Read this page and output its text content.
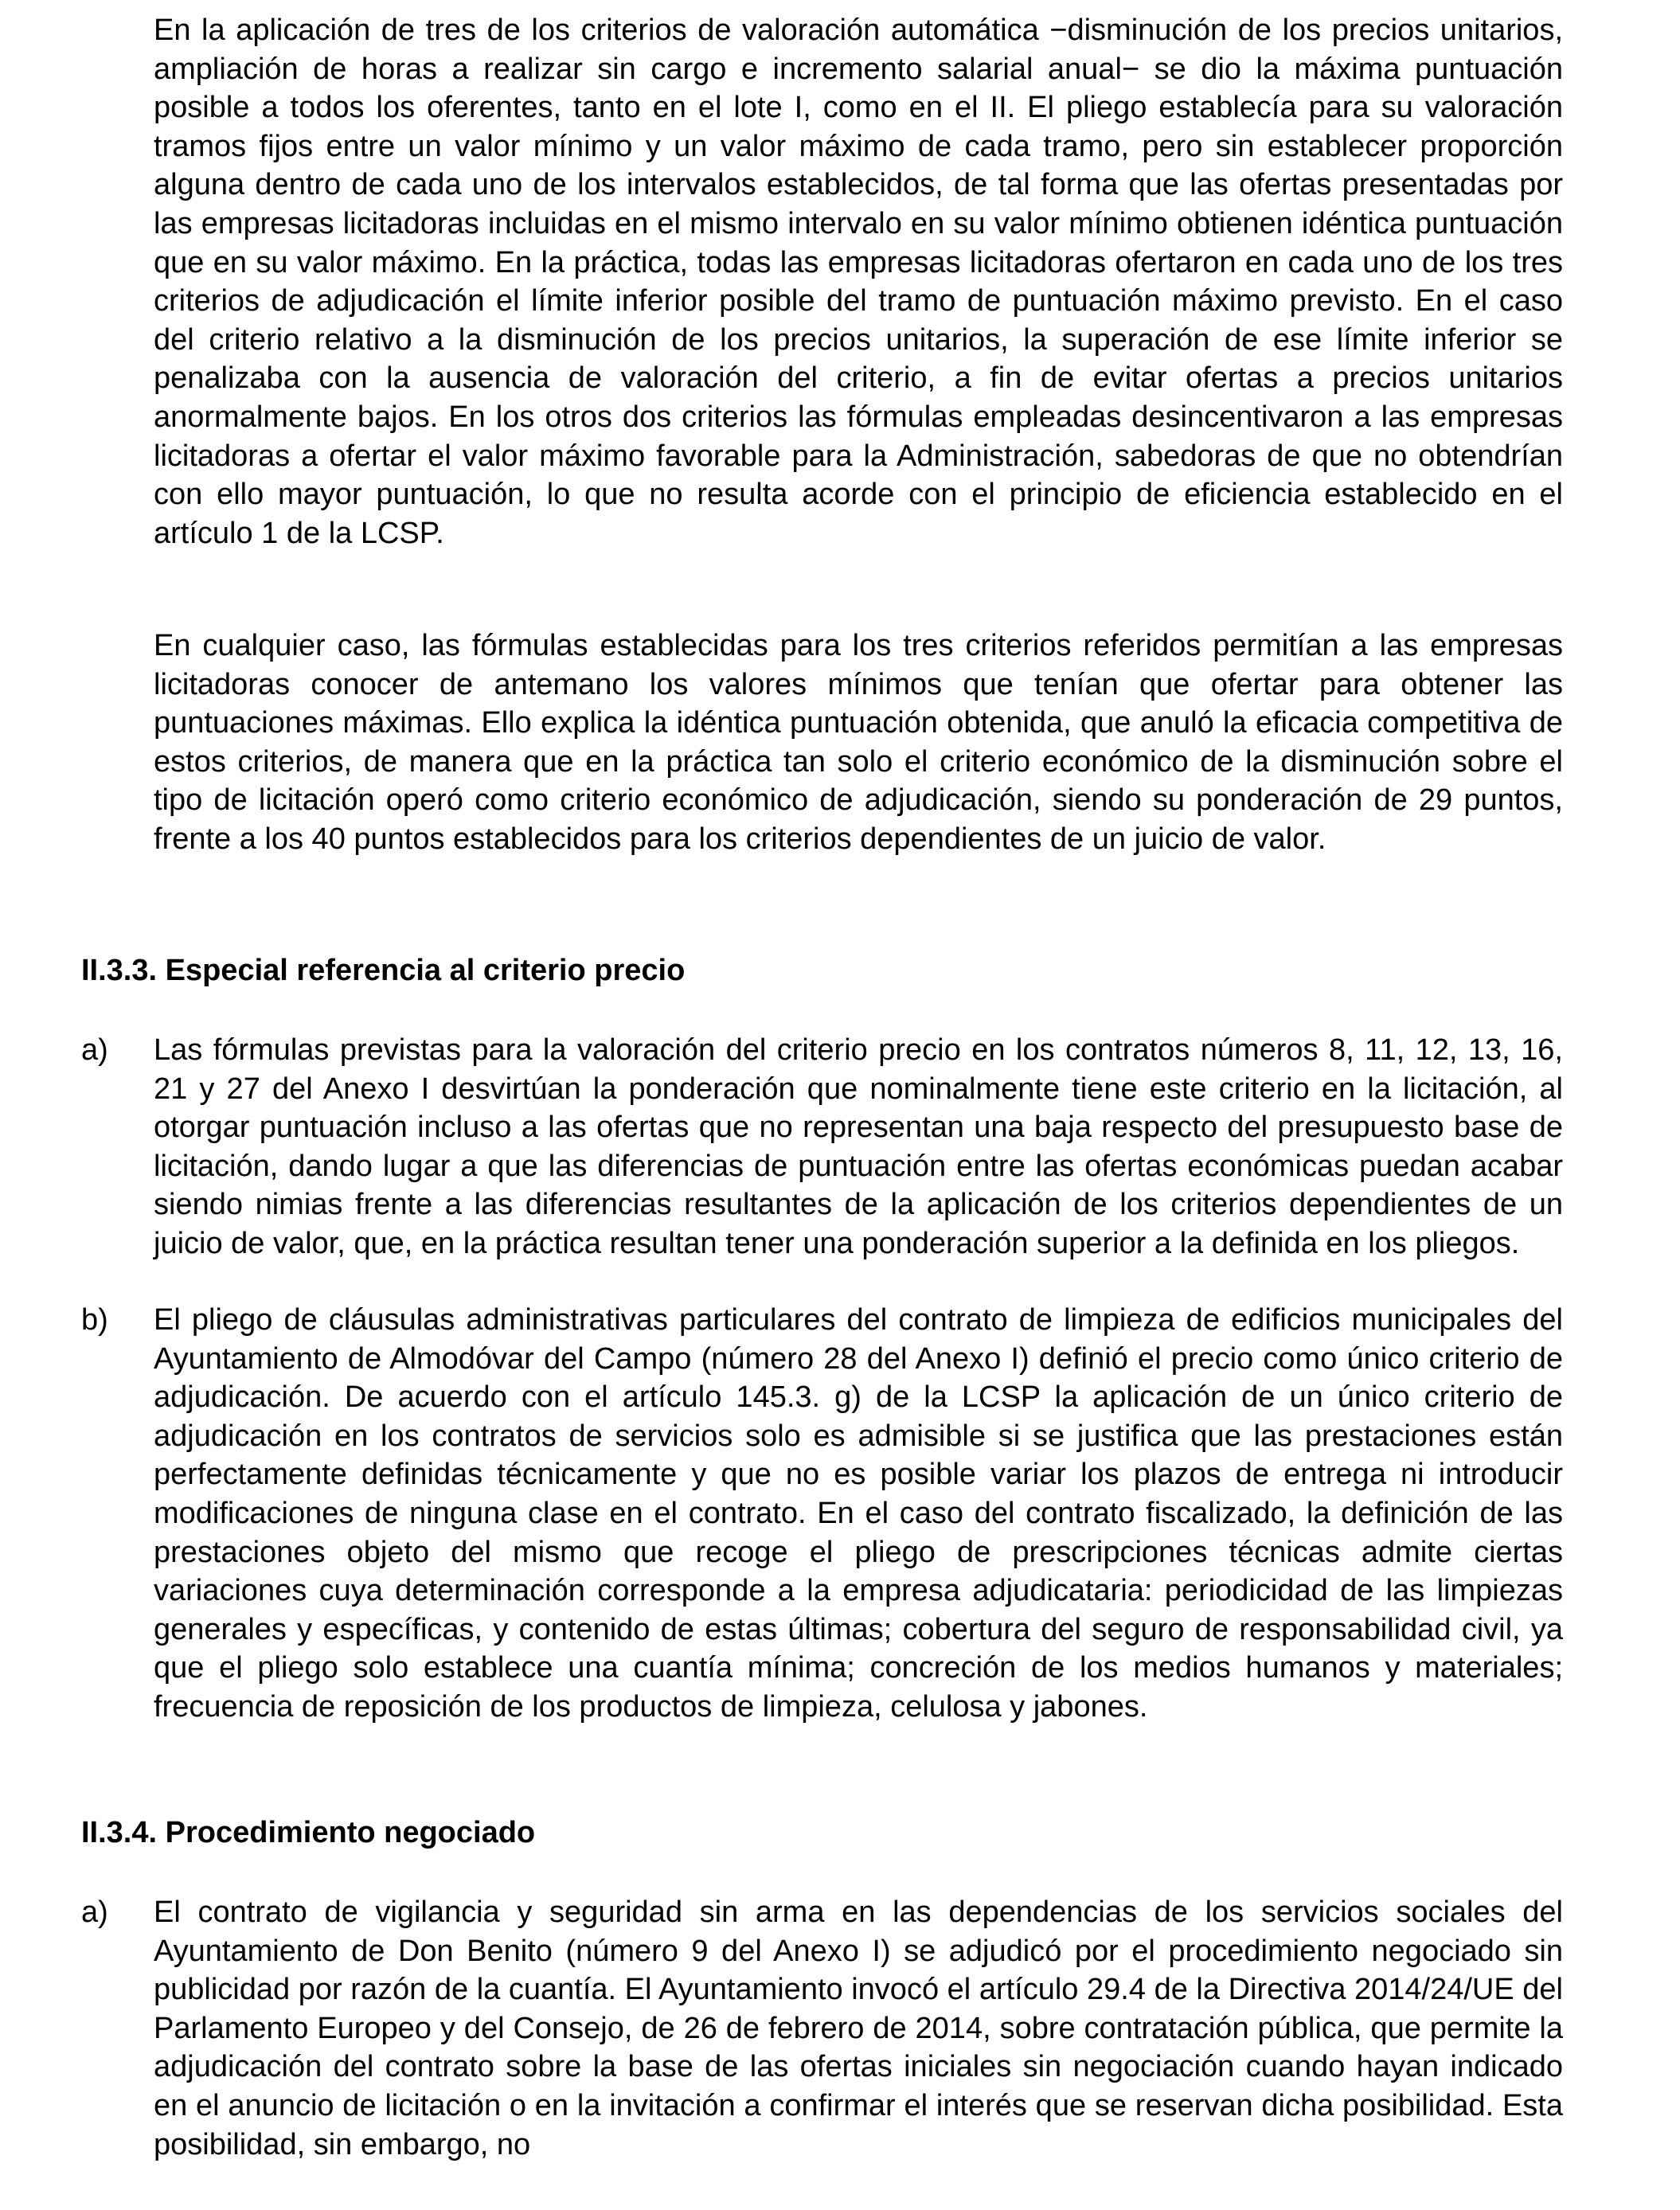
En la aplicación de tres de los criterios de valoración automática −disminución de los precios unitarios, ampliación de horas a realizar sin cargo e incremento salarial anual− se dio la máxima puntuación posible a todos los oferentes, tanto en el lote I, como en el II. El pliego establecía para su valoración tramos fijos entre un valor mínimo y un valor máximo de cada tramo, pero sin establecer proporción alguna dentro de cada uno de los intervalos establecidos, de tal forma que las ofertas presentadas por las empresas licitadoras incluidas en el mismo intervalo en su valor mínimo obtienen idéntica puntuación que en su valor máximo. En la práctica, todas las empresas licitadoras ofertaron en cada uno de los tres criterios de adjudicación el límite inferior posible del tramo de puntuación máximo previsto. En el caso del criterio relativo a la disminución de los precios unitarios, la superación de ese límite inferior se penalizaba con la ausencia de valoración del criterio, a fin de evitar ofertas a precios unitarios anormalmente bajos. En los otros dos criterios las fórmulas empleadas desincentivaron a las empresas licitadoras a ofertar el valor máximo favorable para la Administración, sabedoras de que no obtendrían con ello mayor puntuación, lo que no resulta acorde con el principio de eficiencia establecido en el artículo 1 de la LCSP.

En cualquier caso, las fórmulas establecidas para los tres criterios referidos permitían a las empresas licitadoras conocer de antemano los valores mínimos que tenían que ofertar para obtener las puntuaciones máximas. Ello explica la idéntica puntuación obtenida, que anuló la eficacia competitiva de estos criterios, de manera que en la práctica tan solo el criterio económico de la disminución sobre el tipo de licitación operó como criterio económico de adjudicación, siendo su ponderación de 29 puntos, frente a los 40 puntos establecidos para los criterios dependientes de un juicio de valor.

II.3.3. Especial referencia al criterio precio
a)	Las fórmulas previstas para la valoración del criterio precio en los contratos números 8, 11, 12, 13, 16, 21 y 27 del Anexo I desvirtúan la ponderación que nominalmente tiene este criterio en la licitación, al otorgar puntuación incluso a las ofertas que no representan una baja respecto del presupuesto base de licitación, dando lugar a que las diferencias de puntuación entre las ofertas económicas puedan acabar siendo nimias frente a las diferencias resultantes de la aplicación de los criterios dependientes de un juicio de valor, que, en la práctica resultan tener una ponderación superior a la definida en los pliegos.

b)	El pliego de cláusulas administrativas particulares del contrato de limpieza de edificios municipales del Ayuntamiento de Almodóvar del Campo (número 28 del Anexo I) definió el precio como único criterio de adjudicación. De acuerdo con el artículo 145.3. g) de la LCSP la aplicación de un único criterio de adjudicación en los contratos de servicios solo es admisible si se justifica que las prestaciones están perfectamente definidas técnicamente y que no es posible variar los plazos de entrega ni introducir modificaciones de ninguna clase en el contrato. En el caso del contrato fiscalizado, la definición de las prestaciones objeto del mismo que recoge el pliego de prescripciones técnicas admite ciertas variaciones cuya determinación corresponde a la empresa adjudicataria: periodicidad de las limpiezas generales y específicas, y contenido de estas últimas; cobertura del seguro de responsabilidad civil, ya que el pliego solo establece una cuantía mínima; concreción de los medios humanos y materiales; frecuencia de reposición de los productos de limpieza, celulosa y jabones.

II.3.4. Procedimiento negociado
a)	El contrato de vigilancia y seguridad sin arma en las dependencias de los servicios sociales del Ayuntamiento de Don Benito (número 9 del Anexo I) se adjudicó por el procedimiento negociado sin publicidad por razón de la cuantía. El Ayuntamiento invocó el artículo 29.4 de la Directiva 2014/24/UE del Parlamento Europeo y del Consejo, de 26 de febrero de 2014, sobre contratación pública, que permite la adjudicación del contrato sobre la base de las ofertas iniciales sin negociación cuando hayan indicado en el anuncio de licitación o en la invitación a confirmar el interés que se reservan dicha posibilidad. Esta posibilidad, sin embargo, no
